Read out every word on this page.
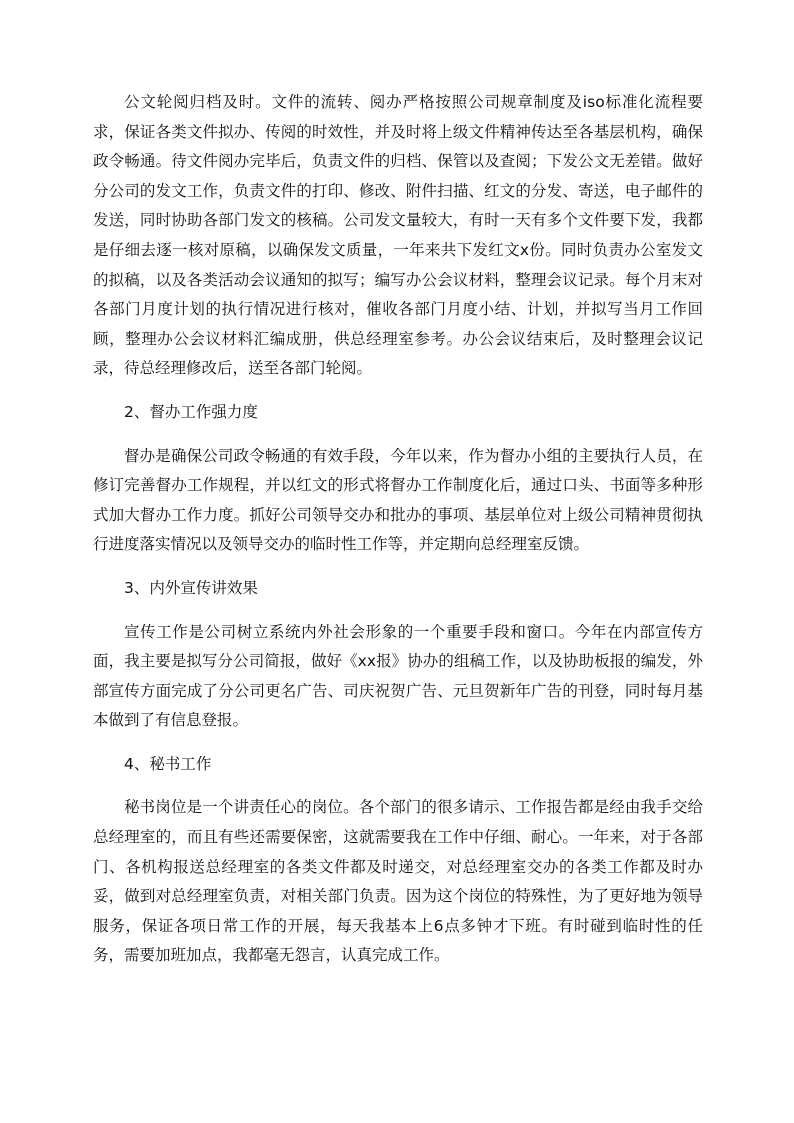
公文轮阅归档及时。文件的流转、阅办严格按照公司规章制度及iso标准化流程要求，保证各类文件拟办、传阅的时效性，并及时将上级文件精神传达至各基层机构，确保政令畅通。待文件阅办完毕后，负责文件的归档、保管以及查阅；下发公文无差错。做好分公司的发文工作，负责文件的打印、修改、附件扫描、红文的分发、寄送，电子邮件的发送，同时协助各部门发文的核稿。公司发文量较大，有时一天有多个文件要下发，我都是仔细去逐一核对原稿，以确保发文质量，一年来共下发红文x份。同时负责办公室发文的拟稿，以及各类活动会议通知的拟写；编写办公会议材料，整理会议记录。每个月末对各部门月度计划的执行情况进行核对，催收各部门月度小结、计划，并拟写当月工作回顾，整理办公会议材料汇编成册，供总经理室参考。办公会议结束后，及时整理会议记录，待总经理修改后，送至各部门轮阅。

2、督办工作强力度

督办是确保公司政令畅通的有效手段，今年以来，作为督办小组的主要执行人员，在修订完善督办工作规程，并以红文的形式将督办工作制度化后，通过口头、书面等多种形式加大督办工作力度。抓好公司领导交办和批办的事项、基层单位对上级公司精神贯彻执行进度落实情况以及领导交办的临时性工作等，并定期向总经理室反馈。

3、内外宣传讲效果

宣传工作是公司树立系统内外社会形象的一个重要手段和窗口。今年在内部宣传方面，我主要是拟写分公司简报，做好《xx报》协办的组稿工作，以及协助板报的编发，外部宣传方面完成了分公司更名广告、司庆祝贺广告、元旦贺新年广告的刊登，同时每月基本做到了有信息登报。

4、秘书工作

秘书岗位是一个讲责任心的岗位。各个部门的很多请示、工作报告都是经由我手交给总经理室的，而且有些还需要保密，这就需要我在工作中仔细、耐心。一年来，对于各部门、各机构报送总经理室的各类文件都及时递交，对总经理室交办的各类工作都及时办妥，做到对总经理室负责，对相关部门负责。因为这个岗位的特殊性，为了更好地为领导服务，保证各项日常工作的开展，每天我基本上6点多钟才下班。有时碰到临时性的任务，需要加班加点，我都毫无怨言，认真完成工作。
